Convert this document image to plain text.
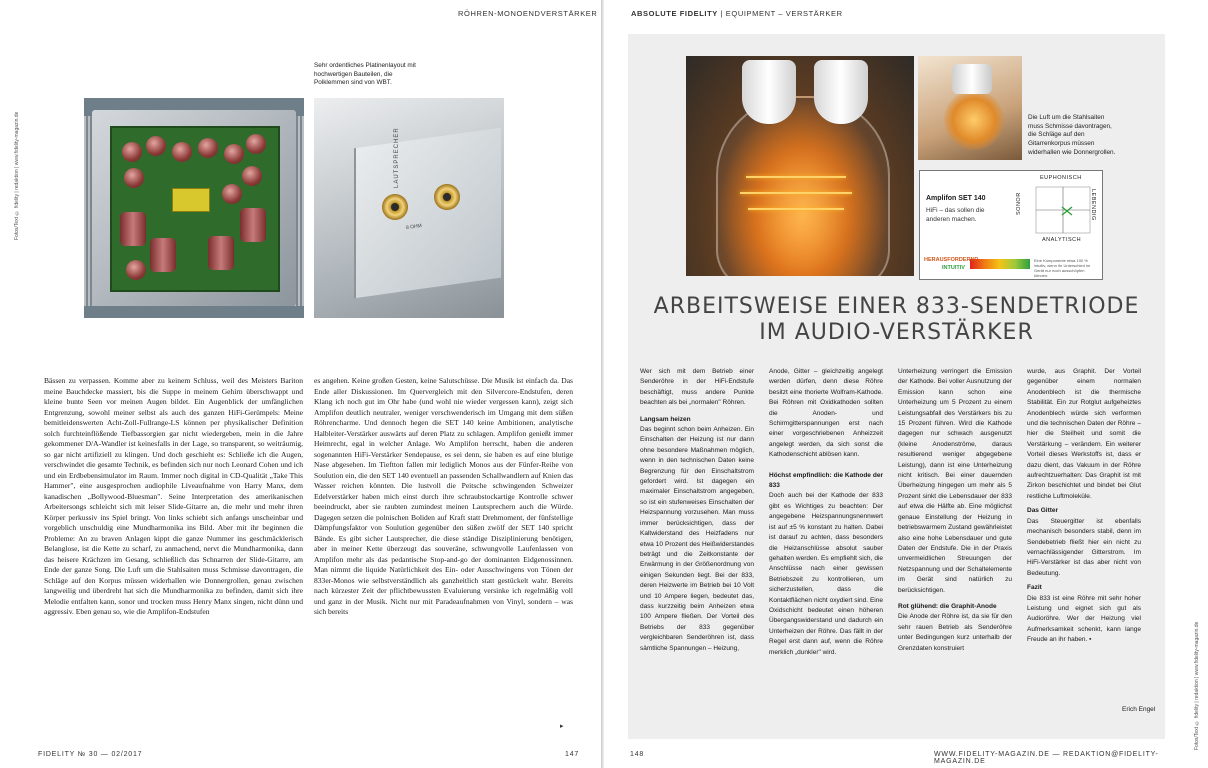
RÖHREN-MONOENDVERSTÄRKER
Fotos/Text © fidelity | redaktion | www.fidelity-magazin.de	LAUTSPRECHER
8 OHM
Sehr ordentliches Platinenlayout mit hochwertigen Bauteilen, die Polklemmen sind von WBT.

Bässen zu verpassen. Komme aber zu keinem Schluss, weil des Meisters Bariton meine Bauchdecke massiert, bis die Suppe in meinem Gehirn überschwappt und kleine bunte Seen vor meinen Augen bildet. Ein Augenblick der umfänglichen Entgrenzung, sowohl meiner selbst als auch des ganzen HiFi-Gerümpels: Meine bemitleidenswerten Acht-Zoll-Fullrange-LS können per physikalischer Definition solch furchteinflößende Tiefbassorgien gar nicht wiedergeben, mein in die Jahre gekommener D/A-Wandler ist keinesfalls in der Lage, so transparent, so weiträumig, so gar nicht artifiziell zu klingen. Und doch geschieht es: Schließe ich die Augen, verschwindet die gesamte Technik, es befinden sich nur noch Leonard Cohen und ich und ein Erdbebensimulator im Raum. Immer noch digital in CD-Qualität „Take This Hammer", eine ausgesprochen audiophile Liveaufnahme von Harry Manx, dem kanadischen „Bollywood-Bluesman". Seine Interpretation des amerikanischen Arbeitersongs schleicht sich mit leiser Slide-Gitarre an, die mehr und mehr ihren Körper perkussiv ins Spiel bringt. Von links schiebt sich anfangs unscheinbar und vorgeblich unschuldig eine Mundharmonika ins Bild. Aber mit ihr beginnen die Probleme: An zu braven Anlagen kippt die ganze Nummer ins geschmäcklerisch Belanglose, ist die Kette zu scharf, zu anmachend, nervt die Mundharmonika, dann das heisere Krächzen im Gesang, schließlich das Schnarren der Slide-Gitarre, am Ende der ganze Song. Die Luft um die Stahlsaiten muss Schmisse davontragen, die Schläge auf den Korpus müssen widerhallen wie Donnergrollen, genau zwischen langweilig und überdreht hat sich die Mundharmonika zu befinden, damit sich ihre Melodie entfalten kann, sonor und trocken muss Henry Manx singen, nicht dünn und aggressiv. Eben genau so, wie die Amplifon-Endstufen

es angehen. Keine großen Gesten, keine Salutschüsse. Die Musik ist einfach da. Das Ende aller Diskussionen. Im Quervergleich mit den Silvercore-Endstufen, deren Klang ich noch gut im Ohr habe (und wohl nie wieder vergessen kann), zeigt sich Amplifon deutlich neutraler, weniger verschwenderisch im Umgang mit dem süßen Röhrencharme. Und dennoch hegen die SET 140 keine Ambitionen, analytische Halbleiter-Verstärker auswärts auf deren Platz zu schlagen. Amplifon genießt immer Heimrecht, egal in welcher Anlage. Wo Amplifon herrscht, haben die anderen sogenannten HiFi-Verstärker Sendepause, es sei denn, sie haben es auf eine blutige Nase abgesehen. Im Tieftton fallen mir lediglich Monos aus der Fünfer-Reihe von Soulution ein, die den SET 140 eventuell an passenden Schallwandlern auf Knien das Wasser reichen könnten. Die lustvoll die Peitsche schwingenden Schweizer Edelverstärker haben mich einst durch ihre schraubstockartige Kontrolle schwer beeindruckt, aber sie raubten zumindest meinen Lautsprechern auch die Würde. Dagegen setzen die polnischen Boliden auf Kraft statt Drehmoment, der fünfstellige Dämpfungsfaktor von Soulution gegenüber den süßen zwölf der SET 140 spricht Bände. Es gibt sicher Lautsprecher, die diese ständige Disziplinierung benötigen, aber in meiner Kette überzeugt das souveräne, schwungvolle Laufenlassen von Amplifon mehr als das pedantische Stop-and-go der dominanten Eidgenossinnen. Man nimmt die liquide Natürlichkeit des Ein- oder Ausschwingens von Tönen der 833er-Monos wie selbstverständlich als ganzheitlich statt gestückelt wahr. Bereits nach kürzester Zeit der pflichtbewussten Evaluierung versinke ich regelmäßig voll und ganz in der Musik. Nicht nur mit Paradeaufnahmen von Vinyl, sondern – was sich bereits

▸
FIDELITY № 30 — 02/2017	147
ABSOLUTE FIDELITY | EQUIPMENT – VERSTÄRKER
Fotos/Text © fidelity | redaktion | www.fidelity-magazin.de
Die Luft um die Stahlsaiten muss Schmisse davontragen, die Schläge auf den Gitarrenkorpus müssen widerhallen wie Donnergrollen.
Amplifon SET 140
HiFi – das sollen die anderen machen.
EUPHONISCH
ANALYTISCH
SONOR	LEBENDIG
HERAUSFORDERND
INTUITIV
Eine Komponente etwa 100 % intuitiv, wenn ihr Unterschied im Gerät nur noch ausschöpfen können.
ARBEITSWEISE EINER 833-SENDETRIODE
IM AUDIO-VERSTÄRKER

Wer sich mit dem Betrieb einer Senderöhre in der HiFi-Endstufe beschäftigt, muss andere Punkte beachten als bei „normalen" Röhren.

Langsam heizen

Das beginnt schon beim Anheizen. Ein Einschalten der Heizung ist nur dann ohne besondere Maßnahmen möglich, wenn in den technischen Daten keine Begrenzung für den Einschaltstrom gefordert wird. Ist dagegen ein maximaler Einschaltstrom angegeben, so ist ein stufenweises Einschalten der Heizspannung vorzusehen. Man muss immer berücksichtigen, dass der Kaltwiderstand des Heizfadens nur etwa 10 Prozent des Heißwiderstandes beträgt und die Zeitkonstante der Erwärmung in der Größenordnung von einigen Sekunden liegt. Bei der 833, deren Heizwerte im Betrieb bei 10 Volt und 10 Ampere liegen, bedeutet das, dass kurzzeitig beim Anheizen etwa 100 Ampere fließen. Der Vorteil des Betriebs der 833 gegenüber vergleichbaren Senderöhren ist, dass sämtliche Spannungen – Heizung,

Anode, Gitter – gleichzeitig angelegt werden dürfen, denn diese Röhre besitzt eine thorierte Wolfram-Kathode. Bei Röhren mit Oxidkathoden sollten die Anoden- und Schirmgitterspannungen erst nach einer vorgeschriebenen Anheizzeit angelegt werden, da sich sonst die Kathodenschicht ablösen kann.

Höchst empfindlich: die Kathode der 833

Doch auch bei der Kathode der 833 gibt es Wichtiges zu beachten: Der angegebene Heizspannungsnennwert ist auf ±5 % konstant zu halten. Dabei ist darauf zu achten, dass besonders die Heizanschlüsse absolut sauber gehalten werden. Es empfiehlt sich, die Anschlüsse nach einer gewissen Betriebszeit zu kontrollieren, um sicherzustellen, dass die Kontaktflächen nicht oxydiert sind. Eine Oxidschicht bedeutet einen höheren Übergangswiderstand und dadurch ein Unterheizen der Röhre. Das fällt in der Regel erst dann auf, wenn die Röhre merklich „dunkler" wird.

Unterheizung verringert die Emission der Kathode. Bei voller Ausnutzung der Emission kann schon eine Unterheizung um 5 Prozent zu einem Leistungsabfall des Verstärkers bis zu 15 Prozent führen. Wird die Kathode dagegen nur schwach ausgenutzt (kleine Anodenströme, daraus resultierend weniger abgegebene Leistung), dann ist eine Unterheizung nicht kritisch. Bei einer dauernden Überheizung hingegen um mehr als 5 Prozent sinkt die Lebensdauer der 833 auf etwa die Hälfte ab. Eine möglichst genaue Einstellung der Heizung in betriebswarmem Zustand gewährleistet also eine hohe Lebensdauer und gute Daten der Endstufe. Die in der Praxis unvermeidlichen Streuungen der Netzspannung und der Schaltelemente im Gerät sind natürlich zu berücksichtigen.

Rot glühend: die Graphit-Anode

Die Anode der Röhre ist, da sie für den sehr rauen Betrieb als Senderöhre unter Bedingungen kurz unterhalb der Grenzdaten konstruiert

wurde, aus Graphit. Der Vorteil gegenüber einem normalen Anodenblech ist die thermische Stabilität. Ein zur Rotglut aufgeheiztes Anodenblech würde sich verformen und die technischen Daten der Röhre – hier die Steilheit und somit die Verstärkung – verändern. Ein weiterer Vorteil dieses Werkstoffs ist, dass er dazu dient, das Vakuum in der Röhre aufrechtzuerhalten: Das Graphit ist mit Zirkon beschichtet und bindet bei Glut restliche Luftmoleküle.

Das Gitter

Das Steuergitter ist ebenfalls mechanisch besonders stabil, denn im Sendebetrieb fließt hier ein nicht zu vernachlässigender Gitterstrom. Im HiFi-Verstärker ist das aber nicht von Bedeutung.

Fazit

Die 833 ist eine Röhre mit sehr hoher Leistung und eignet sich gut als Audioröhre. Wer der Heizung viel Aufmerksamkeit schenkt, kann lange Freude an ihr haben. ▪

Erich Engel
148	WWW.FIDELITY-MAGAZIN.DE — REDAKTION@FIDELITY-MAGAZIN.DE
